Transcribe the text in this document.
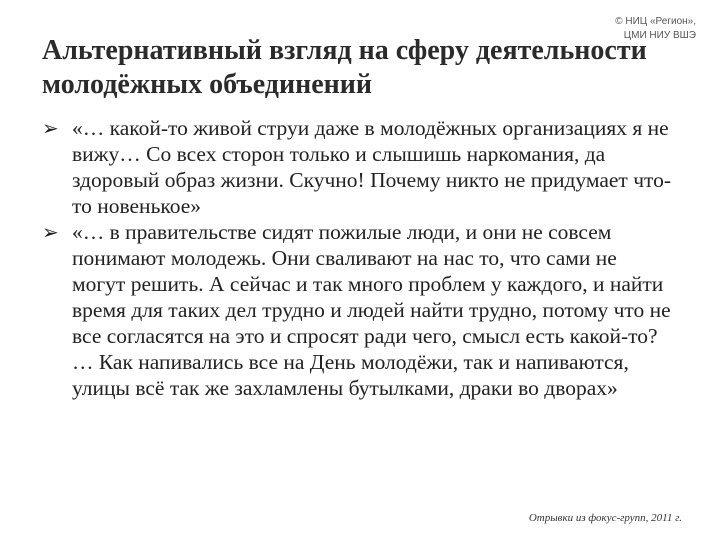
© НИЦ «Регион»,
ЦМИ НИУ ВШЭ
Альтернативный взгляд на сферу деятельности молодёжных объединений
➢ «… какой-то живой струи даже в молодёжных организациях я не вижу… Со всех сторон только и слышишь наркомания, да здоровый образ жизни. Скучно! Почему никто не придумает что-то новенькое»
➢ «… в правительстве сидят пожилые люди, и они не совсем понимают молодежь. Они сваливают на нас то, что сами не могут решить. А сейчас и так много проблем у каждого, и найти время для таких дел трудно и людей найти трудно, потому что не все согласятся на это и спросят ради чего, смысл есть какой-то? … Как напивались все на День молодёжи, так и напиваются, улицы всё так же захламлены бутылками, драки во дворах»
Отрывки из фокус-групп, 2011 г.
